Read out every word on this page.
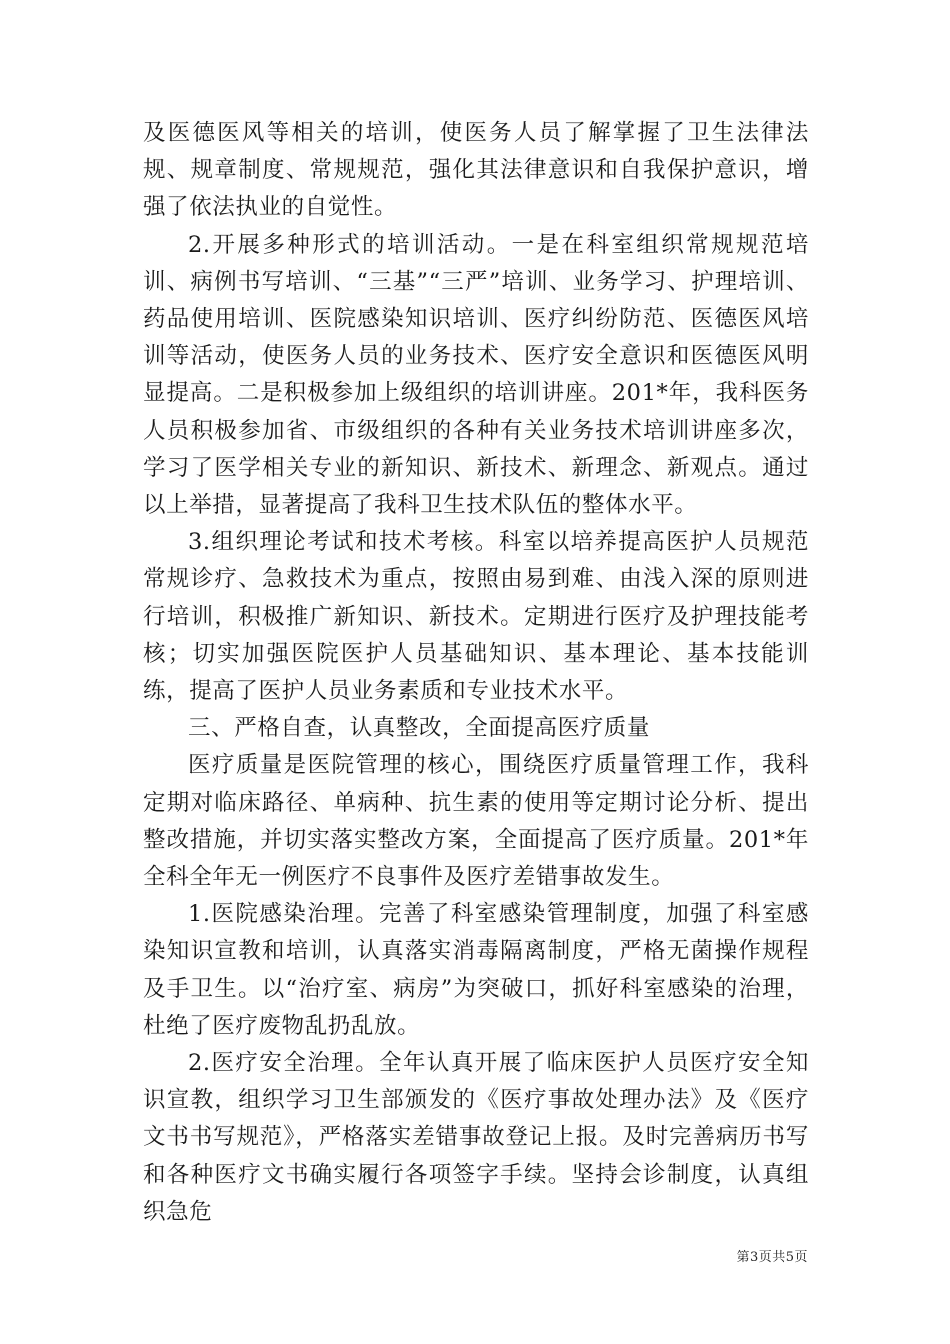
及医德医风等相关的培训，使医务人员了解掌握了卫生法律法规、规章制度、常规规范，强化其法律意识和自我保护意识，增强了依法执业的自觉性。

2.开展多种形式的培训活动。一是在科室组织常规规范培训、病例书写培训、“三基”“三严”培训、业务学习、护理培训、药品使用培训、医院感染知识培训、医疗纠纷防范、医德医风培训等活动，使医务人员的业务技术、医疗安全意识和医德医风明显提高。二是积极参加上级组织的培训讲座。201*年，我科医务人员积极参加省、市级组织的各种有关业务技术培训讲座多次，学习了医学相关专业的新知识、新技术、新理念、新观点。通过以上举措，显著提高了我科卫生技术队伍的整体水平。

3.组织理论考试和技术考核。科室以培养提高医护人员规范常规诊疗、急救技术为重点，按照由易到难、由浅入深的原则进行培训，积极推广新知识、新技术。定期进行医疗及护理技能考核；切实加强医院医护人员基础知识、基本理论、基本技能训练，提高了医护人员业务素质和专业技术水平。

三、严格自查，认真整改，全面提高医疗质量

医疗质量是医院管理的核心，围绕医疗质量管理工作，我科定期对临床路径、单病种、抗生素的使用等定期讨论分析、提出整改措施，并切实落实整改方案，全面提高了医疗质量。201*年全科全年无一例医疗不良事件及医疗差错事故发生。

1.医院感染治理。完善了科室感染管理制度，加强了科室感染知识宣教和培训，认真落实消毒隔离制度，严格无菌操作规程及手卫生。以“治疗室、病房”为突破口，抓好科室感染的治理，杜绝了医疗废物乱扔乱放。

2.医疗安全治理。全年认真开展了临床医护人员医疗安全知识宣教，组织学习卫生部颁发的《医疗事故处理办法》及《医疗文书书写规范》，严格落实差错事故登记上报。及时完善病历书写和各种医疗文书确实履行各项签字手续。坚持会诊制度，认真组织急危

第3页共5页
